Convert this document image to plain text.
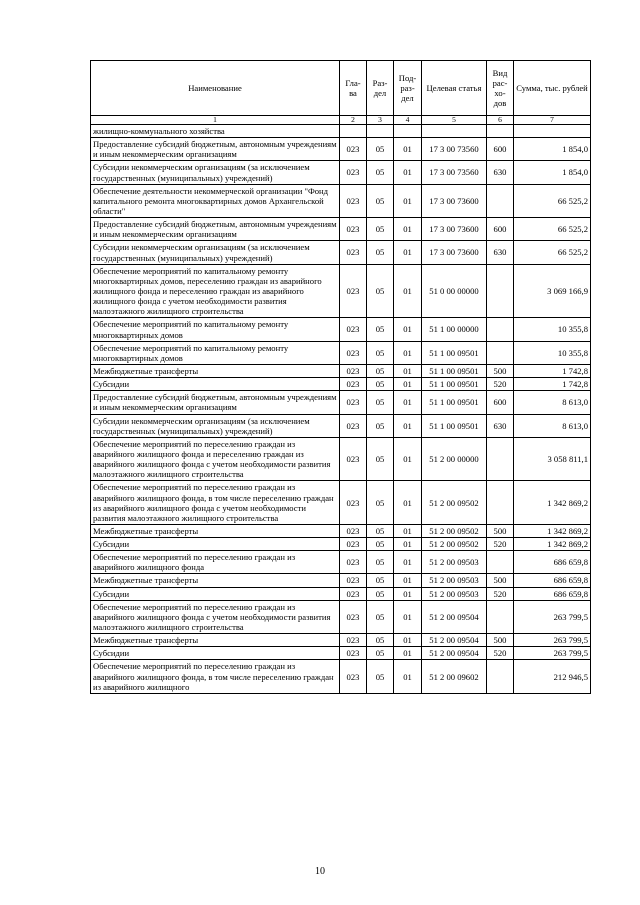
Наименование	Гла-ва	Раз-дел	Под-раз-дел	Целевая статья	Вид рас-хо-дов	Сумма, тыс. рублей
1	2	3	4	5	6	7
жилищно-коммунального хозяйства						
Предоставление субсидий бюджетным, автономным учреждениям и иным некоммерческим организациям	023	05	01	17 3 00 73560	600	1 854,0
Субсидии некоммерческим организациям (за исключением государственных (муниципальных) учреждений)	023	05	01	17 3 00 73560	630	1 854,0
Обеспечение деятельности некоммерческой организации "Фонд капитального ремонта многоквартирных домов Архангельской области"	023	05	01	17 3 00 73600		66 525,2
Предоставление субсидий бюджетным, автономным учреждениям и иным некоммерческим организациям	023	05	01	17 3 00 73600	600	66 525,2
Субсидии некоммерческим организациям (за исключением государственных (муниципальных) учреждений)	023	05	01	17 3 00 73600	630	66 525,2
Обеспечение мероприятий по капитальному ремонту многоквартирных домов, переселению граждан из аварийного жилищного фонда и переселению граждан из аварийного жилищного фонда с учетом необходимости развития малоэтажного жилищного строительства	023	05	01	51 0 00 00000		3 069 166,9
Обеспечение мероприятий по капитальному ремонту многоквартирных домов	023	05	01	51 1 00 00000		10 355,8
Обеспечение мероприятий по капитальному ремонту многоквартирных домов	023	05	01	51 1 00 09501		10 355,8
Межбюджетные трансферты	023	05	01	51 1 00 09501	500	1 742,8
Субсидии	023	05	01	51 1 00 09501	520	1 742,8
Предоставление субсидий бюджетным, автономным учреждениям и иным некоммерческим организациям	023	05	01	51 1 00 09501	600	8 613,0
Субсидии некоммерческим организациям (за исключением государственных (муниципальных) учреждений)	023	05	01	51 1 00 09501	630	8 613,0
Обеспечение мероприятий по переселению граждан из аварийного жилищного фонда и переселению граждан из аварийного жилищного фонда с учетом необходимости развития малоэтажного жилищного строительства	023	05	01	51 2 00 00000		3 058 811,1
Обеспечение мероприятий по переселению граждан из аварийного жилищного фонда, в том числе переселению граждан из аварийного жилищного фонда с учетом необходимости развития малоэтажного жилищного строительства	023	05	01	51 2 00 09502		1 342 869,2
Межбюджетные трансферты	023	05	01	51 2 00 09502	500	1 342 869,2
Субсидии	023	05	01	51 2 00 09502	520	1 342 869,2
Обеспечение мероприятий по переселению граждан из аварийного жилищного фонда	023	05	01	51 2 00 09503		686 659,8
Межбюджетные трансферты	023	05	01	51 2 00 09503	500	686 659,8
Субсидии	023	05	01	51 2 00 09503	520	686 659,8
Обеспечение мероприятий по переселению граждан из аварийного жилищного фонда с учетом необходимости развития малоэтажного жилищного строительства	023	05	01	51 2 00 09504		263 799,5
Межбюджетные трансферты	023	05	01	51 2 00 09504	500	263 799,5
Субсидии	023	05	01	51 2 00 09504	520	263 799,5
Обеспечение мероприятий по переселению граждан из аварийного жилищного фонда, в том числе переселению граждан из аварийного жилищного	023	05	01	51 2 00 09602		212 946,5
10
